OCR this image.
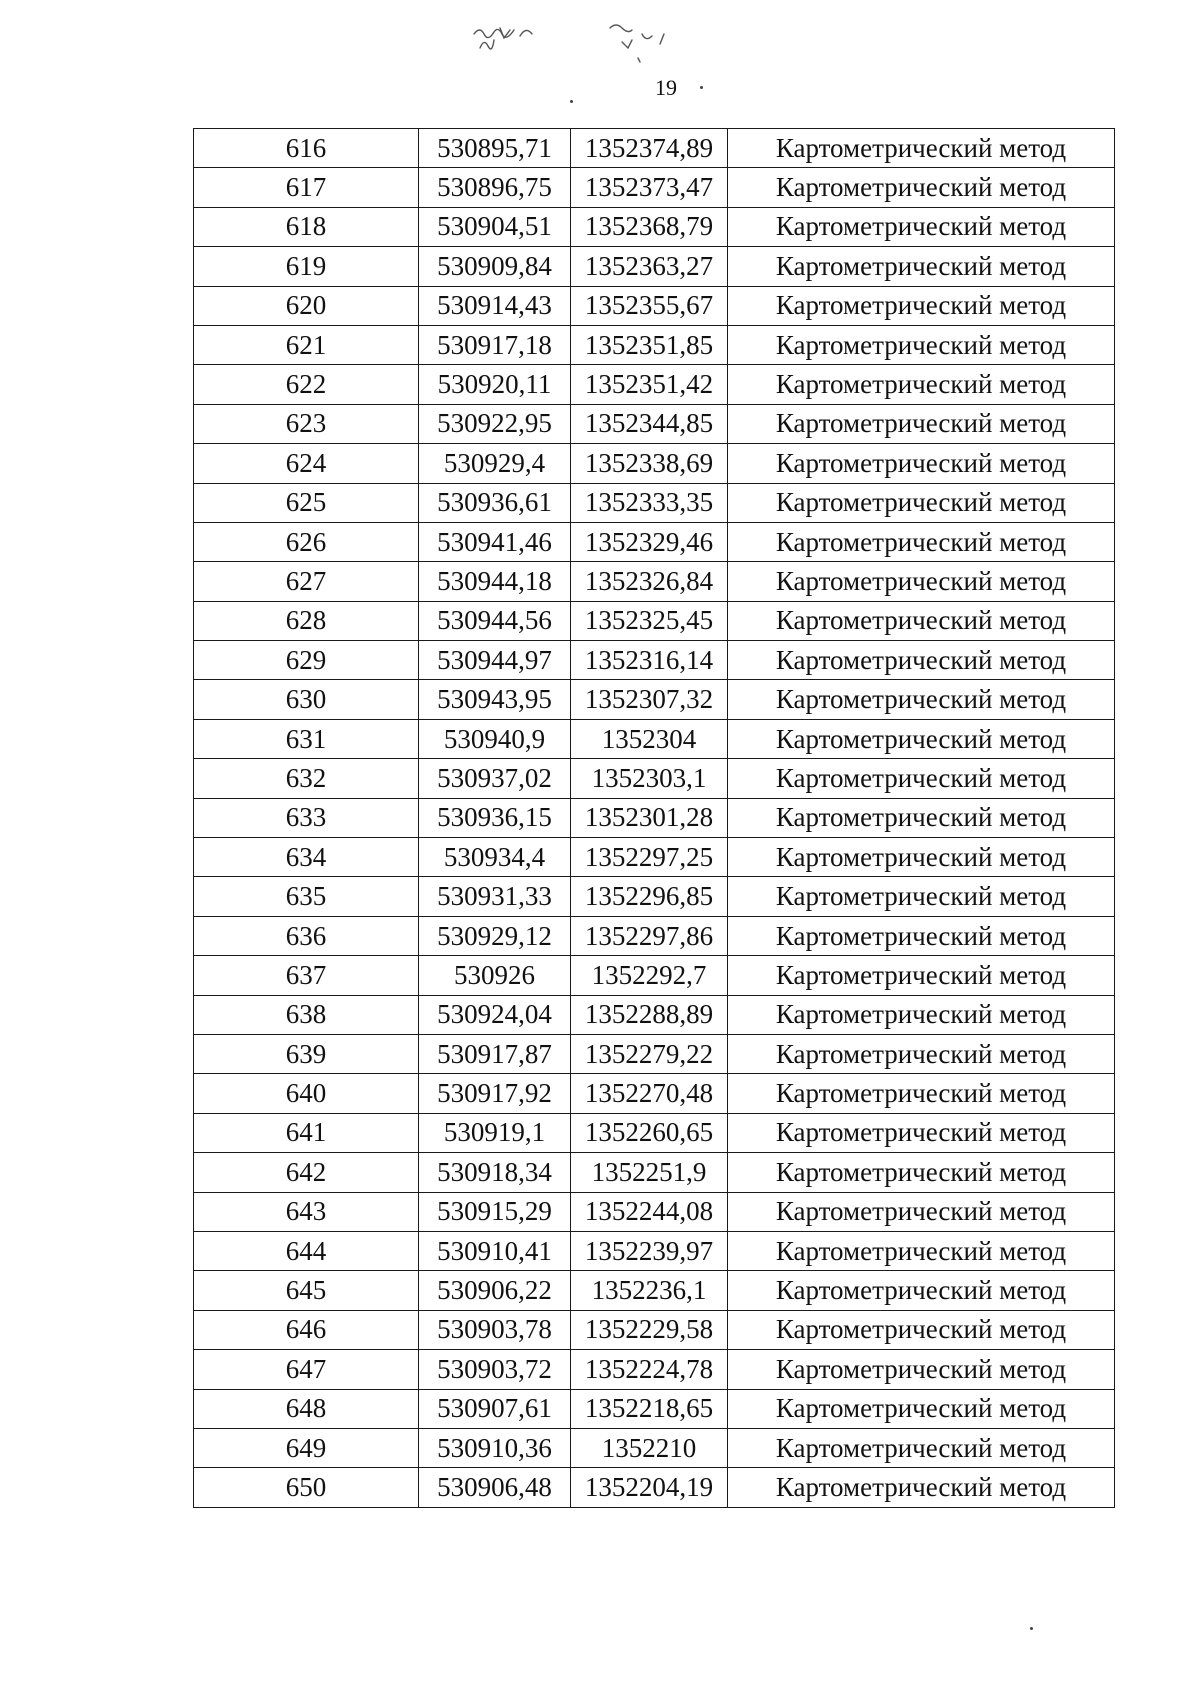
19
616	530895,71	1352374,89	Картометрический метод
617	530896,75	1352373,47	Картометрический метод
618	530904,51	1352368,79	Картометрический метод
619	530909,84	1352363,27	Картометрический метод
620	530914,43	1352355,67	Картометрический метод
621	530917,18	1352351,85	Картометрический метод
622	530920,11	1352351,42	Картометрический метод
623	530922,95	1352344,85	Картометрический метод
624	530929,4	1352338,69	Картометрический метод
625	530936,61	1352333,35	Картометрический метод
626	530941,46	1352329,46	Картометрический метод
627	530944,18	1352326,84	Картометрический метод
628	530944,56	1352325,45	Картометрический метод
629	530944,97	1352316,14	Картометрический метод
630	530943,95	1352307,32	Картометрический метод
631	530940,9	1352304	Картометрический метод
632	530937,02	1352303,1	Картометрический метод
633	530936,15	1352301,28	Картометрический метод
634	530934,4	1352297,25	Картометрический метод
635	530931,33	1352296,85	Картометрический метод
636	530929,12	1352297,86	Картометрический метод
637	530926	1352292,7	Картометрический метод
638	530924,04	1352288,89	Картометрический метод
639	530917,87	1352279,22	Картометрический метод
640	530917,92	1352270,48	Картометрический метод
641	530919,1	1352260,65	Картометрический метод
642	530918,34	1352251,9	Картометрический метод
643	530915,29	1352244,08	Картометрический метод
644	530910,41	1352239,97	Картометрический метод
645	530906,22	1352236,1	Картометрический метод
646	530903,78	1352229,58	Картометрический метод
647	530903,72	1352224,78	Картометрический метод
648	530907,61	1352218,65	Картометрический метод
649	530910,36	1352210	Картометрический метод
650	530906,48	1352204,19	Картометрический метод
